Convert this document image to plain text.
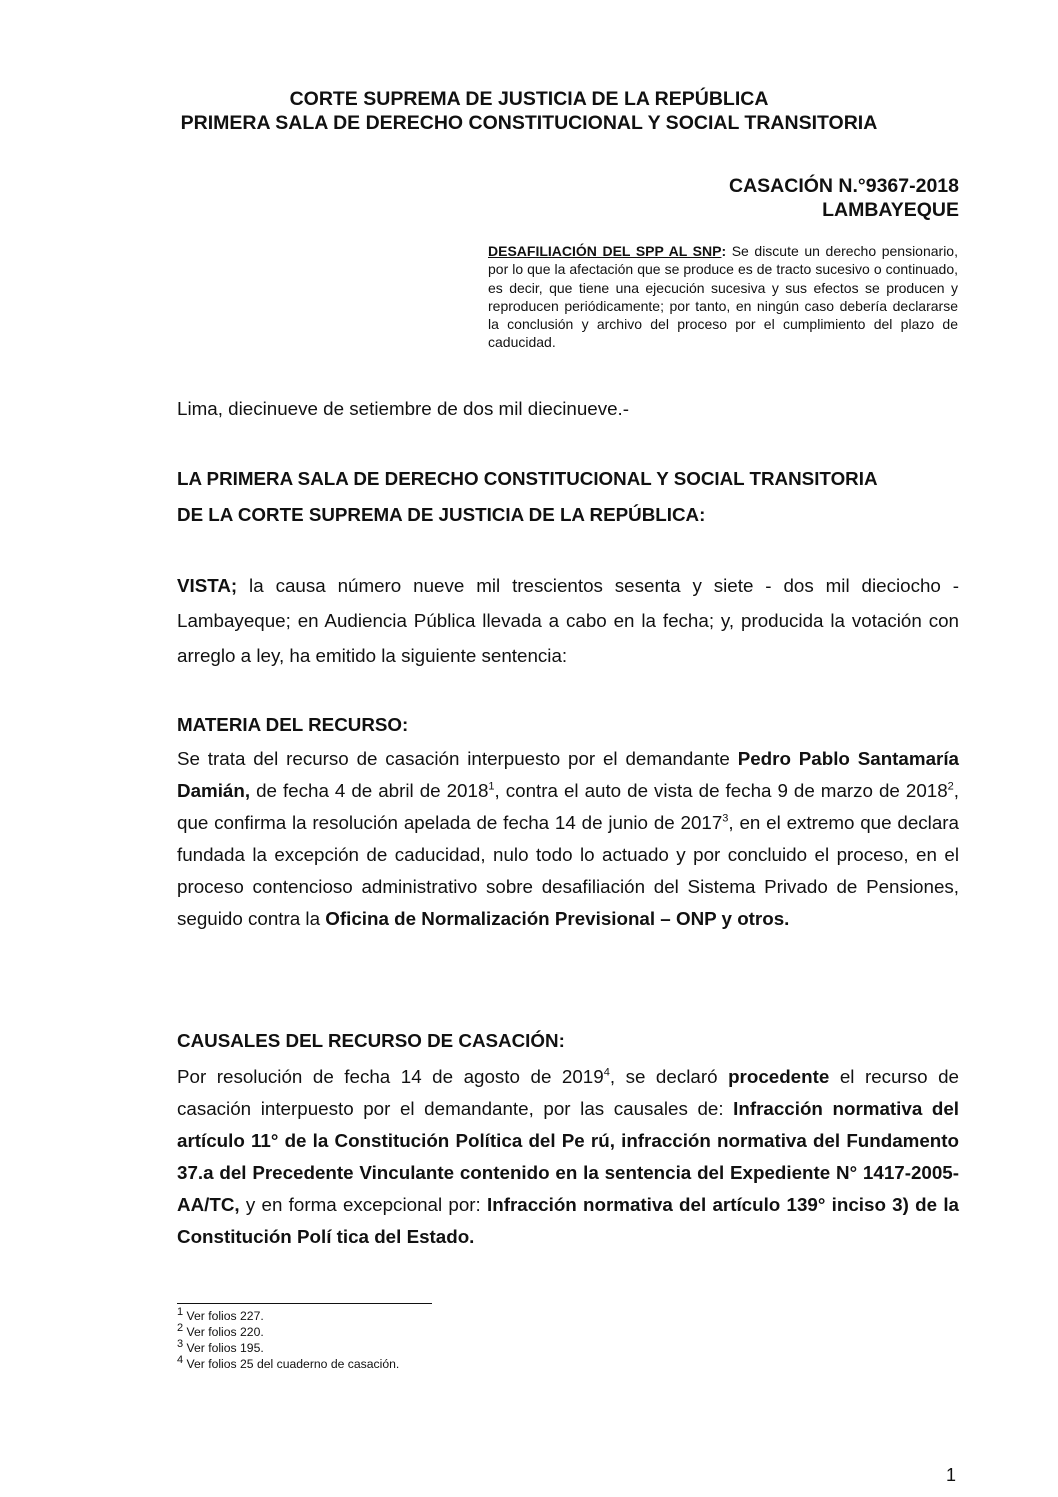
CORTE SUPREMA DE JUSTICIA DE LA REPÚBLICA
PRIMERA SALA DE DERECHO CONSTITUCIONAL Y SOCIAL TRANSITORIA
CASACIÓN N.°9367-2018
LAMBAYEQUE
DESAFILIACIÓN DEL SPP AL SNP: Se discute un derecho pensionario, por lo que la afectación que se produce es de tracto sucesivo o continuado, es decir, que tiene una ejecución sucesiva y sus efectos se producen y reproducen periódicamente; por tanto, en ningún caso debería declararse la conclusión y archivo del proceso por el cumplimiento del plazo de caducidad.
Lima, diecinueve de setiembre de dos mil diecinueve.-
LA PRIMERA SALA DE DERECHO CONSTITUCIONAL Y SOCIAL TRANSITORIA
DE LA CORTE SUPREMA DE JUSTICIA DE LA REPÚBLICA:
VISTA; la causa número nueve mil trescientos sesenta y siete - dos mil dieciocho - Lambayeque; en Audiencia Pública llevada a cabo en la fecha; y, producida la votación con arreglo a ley, ha emitido la siguiente sentencia:
MATERIA DEL RECURSO:
Se trata del recurso de casación interpuesto por el demandante Pedro Pablo Santamaría Damián, de fecha 4 de abril de 2018$^1$, contra el auto de vista de fecha 9 de marzo de 2018$^2$, que confirma la resolución apelada de fecha 14 de junio de 2017$^3$, en el extremo que declara fundada la excepción de caducidad, nulo todo lo actuado y por concluido el proceso, en el proceso contencioso administrativo sobre desafiliación del Sistema Privado de Pensiones, seguido contra la Oficina de Normalización Previsional – ONP y otros.
CAUSALES DEL RECURSO DE CASACIÓN:
Por resolución de fecha 14 de agosto de 2019$^4$, se declaró procedente el recurso de casación interpuesto por el demandante, por las causales de: Infracción normativa del artículo 11° de la Constitución Política del Pe rú, infracción normativa del Fundamento 37.a del Precedente Vinculante contenido en la sentencia del Expediente N° 1417-2005-AA/TC, y en forma excepcional por: Infracción normativa del artículo 139° inciso 3) de la Constitución Polí tica del Estado.
$^1$ Ver folios 227.
$^2$ Ver folios 220.
$^3$ Ver folios 195.
$^4$ Ver folios 25 del cuaderno de casación.
1
